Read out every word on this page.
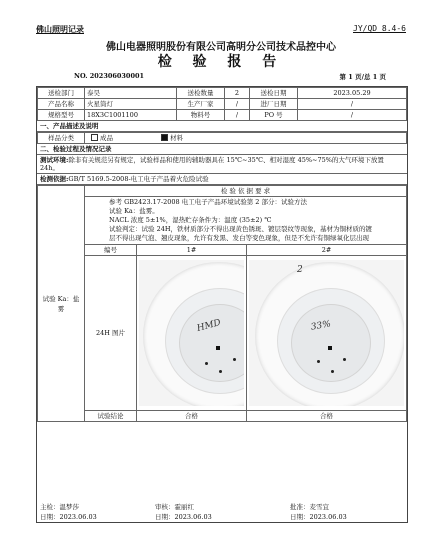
佛山照明记录	JY/QD 8.4-6
佛山电器照明股份有限公司高明分公司技术品控中心
检 验 报 告
NO. 202306030001	第 1 页/总 1 页
送检部门	泰昊	送检数量	2	送检日期	2023.05.29
产品名称	火星筒灯	生产厂家	/	进厂日期	/
规格型号	18X3C1001100	物料号	/	PO 号	/
一、产品描述及说明
样品分类	成品	材料
二、检验过程及情况记录
测试环境:除非有关规范另有规定，试验样品和使用的辅助器具在 15℃~35℃、相对湿度 45%~75%的大气环境下放置 24h。
检测依据:GB/T 5169.5-2008-电工电子产品着火危险试验
试验 Ka：盐雾	检 验 依 据 要 求		

	参考 GB2423.17-2008 电工电子产品环境试验第 2 部分：试验方法
试验 Ka：盐雾。
NACL 浓度 5±1%，湿热贮存条件为：温度 (35±2) ℃
试验判定：试验 24H，铁材质部分不得出现黄色锈斑、镀层裂纹等现象，基材为铜材质的镀
层不得出现气泡、翘皮现象，允许有发黑、发白等变色现象，但是不允许有铜绿氧化层出现		

	编号	1#	2#
	24H 图片	HMD	2
33%

	试验结论	合格	合格
主检：温梦莎
日期：2023.06.03
审核：霍丽红
日期：2023.06.03
批准：麦雪宜
日期：2023.06.03
